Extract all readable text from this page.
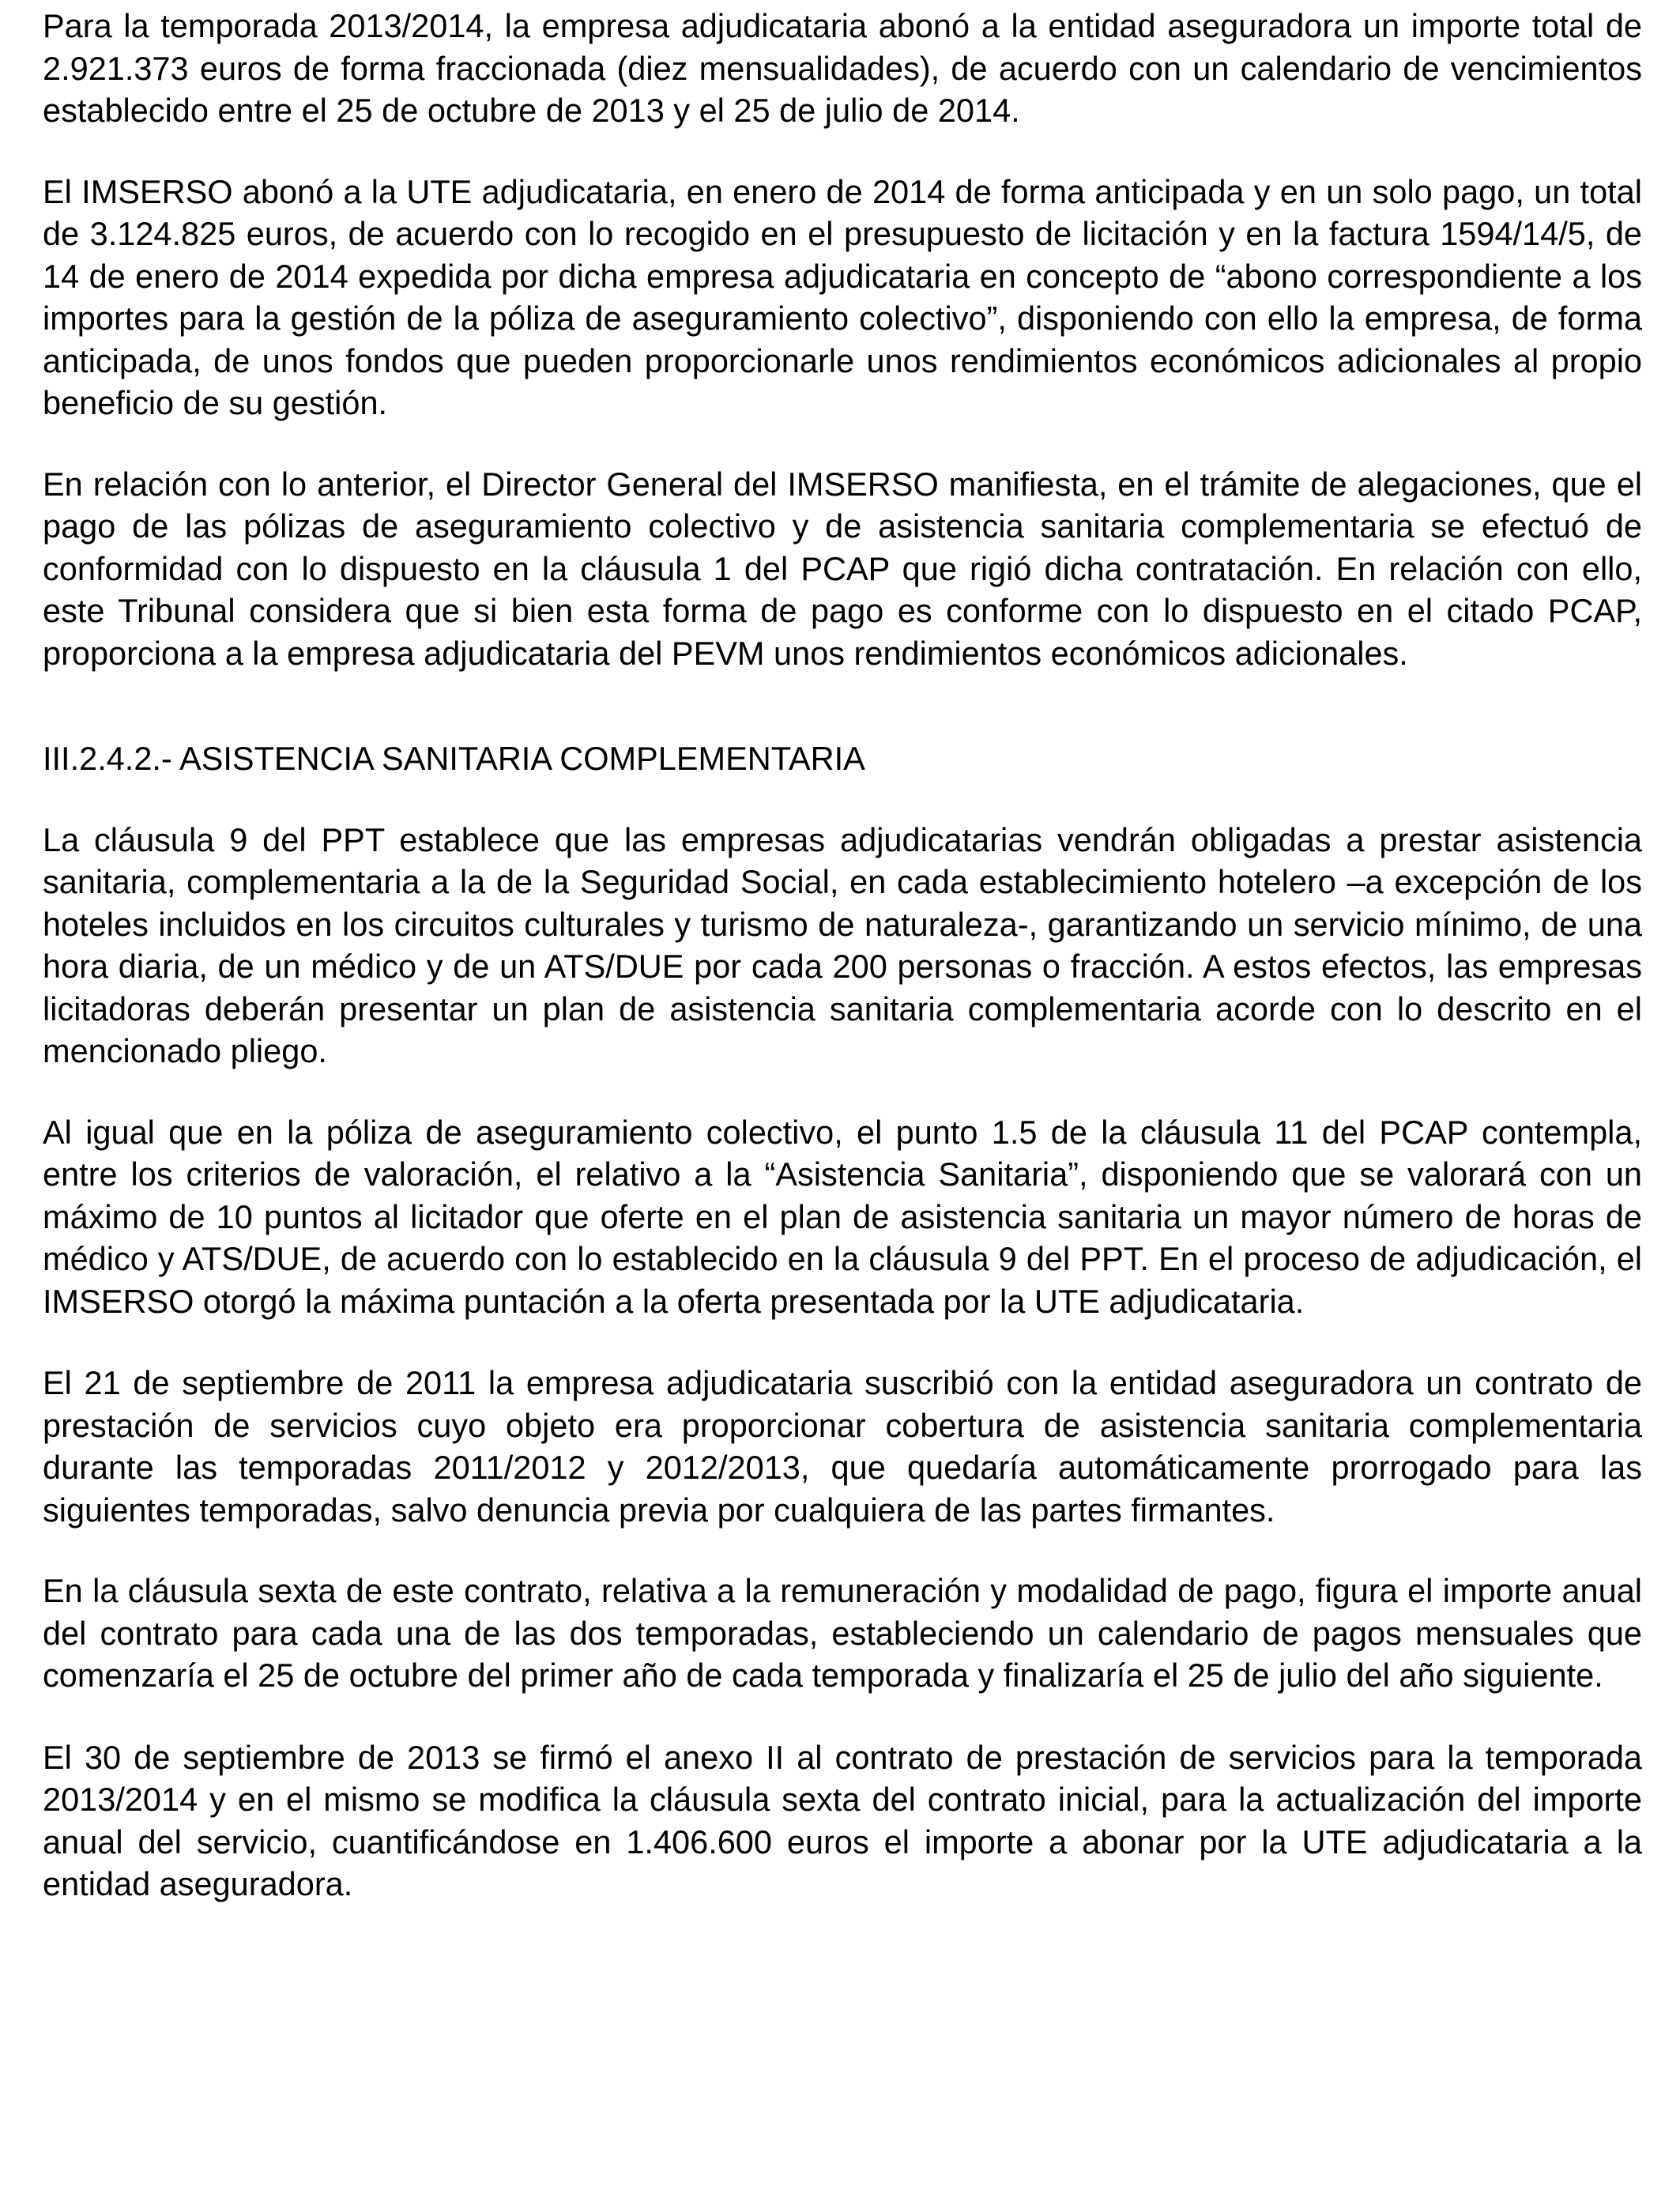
Para la temporada 2013/2014, la empresa adjudicataria abonó a la entidad aseguradora un importe total de 2.921.373 euros de forma fraccionada (diez mensualidades), de acuerdo con un calendario de vencimientos establecido entre el 25 de octubre de 2013 y el 25 de julio de 2014.

El IMSERSO abonó a la UTE adjudicataria, en enero de 2014 de forma anticipada y en un solo pago, un total de 3.124.825 euros, de acuerdo con lo recogido en el presupuesto de licitación y en la factura 1594/14/5, de 14 de enero de 2014 expedida por dicha empresa adjudicataria en concepto de “abono correspondiente a los importes para la gestión de la póliza de aseguramiento colectivo”, disponiendo con ello la empresa, de forma anticipada, de unos fondos que pueden proporcionarle unos rendimientos económicos adicionales al propio beneficio de su gestión.

En relación con lo anterior, el Director General del IMSERSO manifiesta, en el trámite de alegaciones, que el pago de las pólizas de aseguramiento colectivo y de asistencia sanitaria complementaria se efectuó de conformidad con lo dispuesto en la cláusula 1 del PCAP que rigió dicha contratación. En relación con ello, este Tribunal considera que si bien esta forma de pago es conforme con lo dispuesto en el citado PCAP, proporciona a la empresa adjudicataria del PEVM unos rendimientos económicos adicionales.

III.2.4.2.- ASISTENCIA SANITARIA COMPLEMENTARIA

La cláusula 9 del PPT establece que las empresas adjudicatarias vendrán obligadas a prestar asistencia sanitaria, complementaria a la de la Seguridad Social, en cada establecimiento hotelero –a excepción de los hoteles incluidos en los circuitos culturales y turismo de naturaleza-, garantizando un servicio mínimo, de una hora diaria, de un médico y de un ATS/DUE por cada 200 personas o fracción. A estos efectos, las empresas licitadoras deberán presentar un plan de asistencia sanitaria complementaria acorde con lo descrito en el mencionado pliego.

Al igual que en la póliza de aseguramiento colectivo, el punto 1.5 de la cláusula 11 del PCAP contempla, entre los criterios de valoración, el relativo a la “Asistencia Sanitaria”, disponiendo que se valorará con un máximo de 10 puntos al licitador que oferte en el plan de asistencia sanitaria un mayor número de horas de médico y ATS/DUE, de acuerdo con lo establecido en la cláusula 9 del PPT. En el proceso de adjudicación, el IMSERSO otorgó la máxima puntación a la oferta presentada por la UTE adjudicataria.

El 21 de septiembre de 2011 la empresa adjudicataria suscribió con la entidad aseguradora un contrato de prestación de servicios cuyo objeto era proporcionar cobertura de asistencia sanitaria complementaria durante las temporadas 2011/2012 y 2012/2013, que quedaría automáticamente prorrogado para las siguientes temporadas, salvo denuncia previa por cualquiera de las partes firmantes.

En la cláusula sexta de este contrato, relativa a la remuneración y modalidad de pago, figura el importe anual del contrato para cada una de las dos temporadas, estableciendo un calendario de pagos mensuales que comenzaría el 25 de octubre del primer año de cada temporada y finalizaría el 25 de julio del año siguiente.

El 30 de septiembre de 2013 se firmó el anexo II al contrato de prestación de servicios para la temporada 2013/2014 y en el mismo se modifica la cláusula sexta del contrato inicial, para la actualización del importe anual del servicio, cuantificándose en 1.406.600 euros el importe a abonar por la UTE adjudicataria a la entidad aseguradora.
